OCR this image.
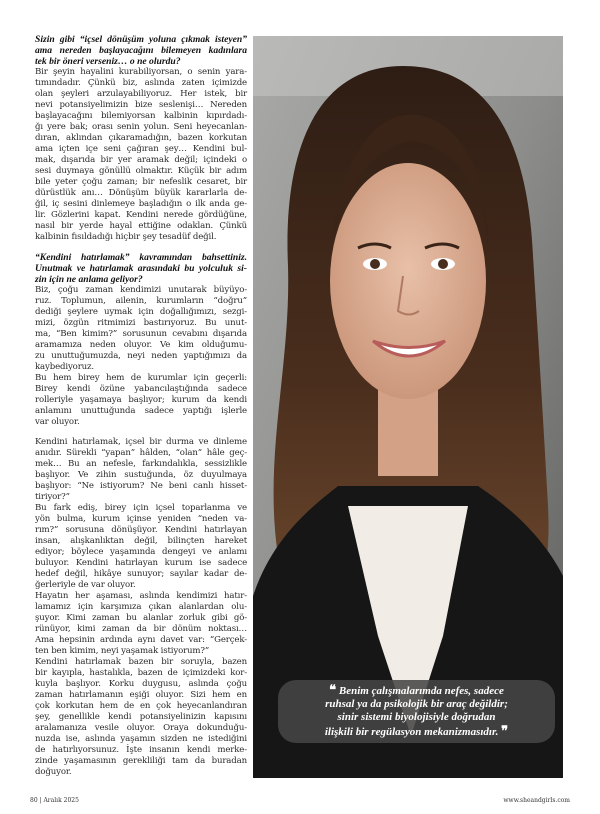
Sizin gibi “içsel dönüşüm yoluna çıkmak isteyen”
ama nereden başlayacağını bilemeyen kadınlara
tek bir öneri verseniz… o ne olurdu?
Bir şeyin hayalini kurabiliyorsan, o senin yara-
tımındadır. Çünkü biz, aslında zaten içimizde
olan şeyleri arzulayabiliyoruz. Her istek, bir
nevi potansiyelimizin bize seslenişi… Nereden
başlayacağını bilemiyorsan kalbinin kıpırdadı-
ğı yere bak; orası senin yolun. Seni heyecanlan-
dıran, aklından çıkaramadığın, bazen korkutan
ama içten içe seni çağıran şey… Kendini bul-
mak, dışarıda bir yer aramak değil; içindeki o
sesi duymaya gönüllü olmaktır. Küçük bir adım
bile yeter çoğu zaman; bir nefeslik cesaret, bir
dürüstlük anı… Dönüşüm büyük kararlarla de-
ğil, iç sesini dinlemeye başladığın o ilk anda ge-
lir. Gözlerini kapat. Kendini nerede gördüğüne,
nasıl bir yerde hayal ettiğine odaklan. Çünkü
kalbinin fısıldadığı hiçbir şey tesadüf değil.
“Kendini hatırlamak” kavramından bahsettiniz.
Unutmak ve hatırlamak arasındaki bu yolculuk si-
zin için ne anlama geliyor?
Biz, çoğu zaman kendimizi unutarak büyüyo-
ruz. Toplumun, ailenin, kurumların “doğru”
dediği şeylere uymak için doğallığımızı, sezgi-
mizi, özgün ritmimizi bastırıyoruz. Bu unut-
ma, “Ben kimim?” sorusunun cevabını dışarıda
aramamıza neden oluyor. Ve kim olduğumu-
zu unuttuğumuzda, neyi neden yaptığımızı da
kaybediyoruz.
Bu hem birey hem de kurumlar için geçerli:
Birey kendi özüne yabancılaştığında sadece
rolleriyle yaşamaya başlıyor; kurum da kendi
anlamını unuttuğunda sadece yaptığı işlerle
var oluyor.
Kendini hatırlamak, içsel bir durma ve dinleme
anıdır. Sürekli “yapan” hâlden, “olan” hâle geç-
mek… Bu an nefesle, farkındalıkla, sessizlikle
başlıyor. Ve zihin sustuğunda, öz duyulmaya
başlıyor: “Ne istiyorum? Ne beni canlı hisset-
tiriyor?”
Bu fark ediş, birey için içsel toparlanma ve
yön bulma, kurum içinse yeniden “neden va-
rım?” sorusuna dönüşüyor. Kendini hatırlayan
insan, alışkanlıktan değil, bilinçten hareket
ediyor; böylece yaşamında dengeyi ve anlamı
buluyor. Kendini hatırlayan kurum ise sadece
hedef değil, hikâye sunuyor; sayılar kadar de-
ğerleriyle de var oluyor.
Hayatın her aşaması, aslında kendimizi hatır-
lamamız için karşımıza çıkan alanlardan olu-
şuyor. Kimi zaman bu alanlar zorluk gibi gö-
rünüyor, kimi zaman da bir dönüm noktası…
Ama hepsinin ardında aynı davet var: “Gerçek-
ten ben kimim, neyi yaşamak istiyorum?”
Kendini hatırlamak bazen bir soruyla, bazen
bir kayıpla, hastalıkla, bazen de içimizdeki kor-
kuyla başlıyor. Korku duygusu, aslında çoğu
zaman hatırlamanın eşiği oluyor. Sizi hem en
çok korkutan hem de en çok heyecanlandıran
şey, genellikle kendi potansiyelinizin kapısını
aralamanıza vesile oluyor. Oraya dokunduğu-
nuzda ise, aslında yaşamın sizden ne istediğini
de hatırlıyorsunuz. İşte insanın kendi merke-
zinde yaşamasının gerekliliği tam da buradan
doğuyor.
❝ Benim çalışmalarımda nefes, sadece
ruhsal ya da psikolojik bir araç değildir;
sinir sistemi biyolojisiyle doğrudan
ilişkili bir regülasyon mekanizmasıdır. ❞
80 | Aralık 2025	www.sheandgirls.com
